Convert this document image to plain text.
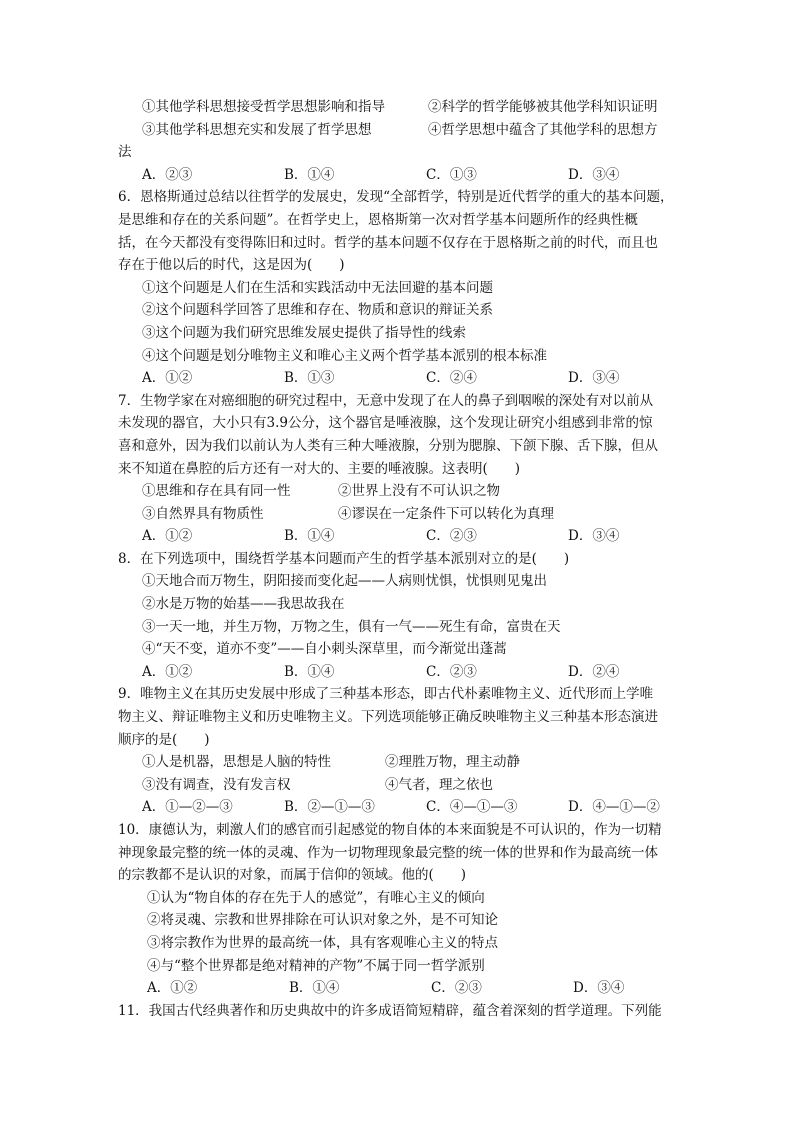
①其他学科思想接受哲学思想影响和指导	②科学的哲学能够被其他学科知识证明
③其他学科思想充实和发展了哲学思想	④哲学思想中蕴含了其他学科的思想方
法
A．②③	B．①④	C．①③	D．③④
6．恩格斯通过总结以往哲学的发展史，发现“全部哲学，特别是近代哲学的重大的基本问题，
是思维和存在的关系问题”。在哲学史上，恩格斯第一次对哲学基本问题所作的经典性概
括，在今天都没有变得陈旧和过时。哲学的基本问题不仅存在于恩格斯之前的时代，而且也
存在于他以后的时代，这是因为(　　)
①这个问题是人们在生活和实践活动中无法回避的基本问题
②这个问题科学回答了思维和存在、物质和意识的辩证关系
③这个问题为我们研究思维发展史提供了指导性的线索
④这个问题是划分唯物主义和唯心主义两个哲学基本派别的根本标准
A．①②	B．①③	C．②④	D．③④
7．生物学家在对癌细胞的研究过程中，无意中发现了在人的鼻子到咽喉的深处有对以前从
未发现的器官，大小只有3.9公分，这个器官是唾液腺，这个发现让研究小组感到非常的惊
喜和意外，因为我们以前认为人类有三种大唾液腺，分别为腮腺、下颌下腺、舌下腺，但从
来不知道在鼻腔的后方还有一对大的、主要的唾液腺。这表明(　　)
①思维和存在具有同一性	②世界上没有不可认识之物
③自然界具有物质性	④谬误在一定条件下可以转化为真理
A．①②	B．①④	C．②③	D．③④
8．在下列选项中，围绕哲学基本问题而产生的哲学基本派别对立的是(　　)
①天地合而万物生，阴阳接而变化起——人病则忧惧，忧惧则见鬼出
②水是万物的始基——我思故我在
③一天一地，并生万物，万物之生，俱有一气——死生有命，富贵在天
④“天不变，道亦不变”——自小刺头深草里，而今渐觉出蓬蒿
A．①②	B．①④	C．②③	D．②④
9．唯物主义在其历史发展中形成了三种基本形态，即古代朴素唯物主义、近代形而上学唯
物主义、辩证唯物主义和历史唯物主义。下列选项能够正确反映唯物主义三种基本形态演进
顺序的是(　　)
①人是机器，思想是人脑的特性	②理胜万物，理主动静
③没有调查，没有发言权	④气者，理之依也
A．①—②—③	B．②—①—③	C．④—①—③	D．④—①—②
10．康德认为，刺激人们的感官而引起感觉的物自体的本来面貌是不可认识的，作为一切精
神现象最完整的统一体的灵魂、作为一切物理现象最完整的统一体的世界和作为最高统一体
的宗教都不是认识的对象，而属于信仰的领域。他的(　　)
①认为“物自体的存在先于人的感觉”，有唯心主义的倾向
②将灵魂、宗教和世界排除在可认识对象之外，是不可知论
③将宗教作为世界的最高统一体，具有客观唯心主义的特点
④与“整个世界都是绝对精神的产物”不属于同一哲学派别
A．①②	B．①④	C．②③	D．③④
11．我国古代经典著作和历史典故中的许多成语简短精辟，蕴含着深刻的哲学道理。下列能
